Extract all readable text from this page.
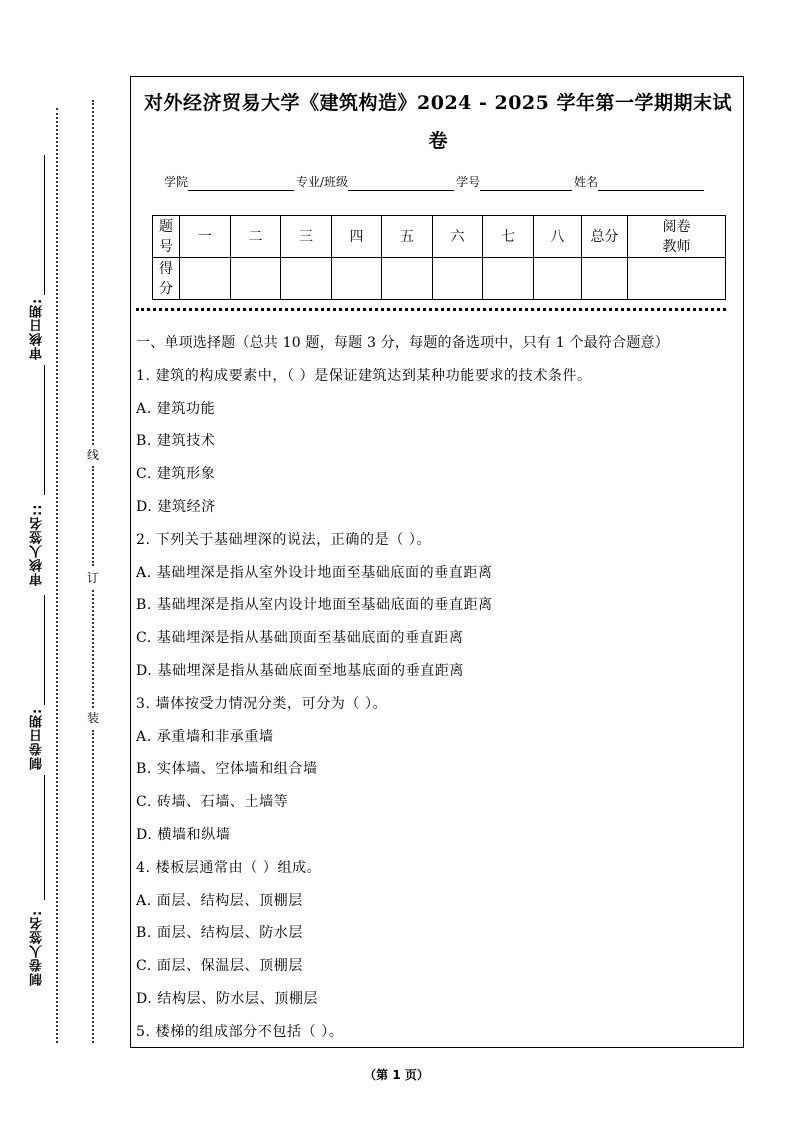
审核日期:
审核人签名::
制卷日期:
制卷人签名:
线
订
装
对外经济贸易大学《建筑构造》2024 - 2025 学年第一学期期末试
卷
学院	专业/班级	学号	姓名
题号	一	二	三	四	五	六	七	八	总分	阅卷教师
得分										
一、单项选择题（总共 10 题，每题 3 分，每题的备选项中，只有 1 个最符合题意）
1. 建筑的构成要素中，（ ）是保证建筑达到某种功能要求的技术条件。
A. 建筑功能
B. 建筑技术
C. 建筑形象
D. 建筑经济
2. 下列关于基础埋深的说法，正确的是（ ）。
A. 基础埋深是指从室外设计地面至基础底面的垂直距离
B. 基础埋深是指从室内设计地面至基础底面的垂直距离
C. 基础埋深是指从基础顶面至基础底面的垂直距离
D. 基础埋深是指从基础底面至地基底面的垂直距离
3. 墙体按受力情况分类，可分为（ ）。
A. 承重墙和非承重墙
B. 实体墙、空体墙和组合墙
C. 砖墙、石墙、土墙等
D. 横墙和纵墙
4. 楼板层通常由（ ）组成。
A. 面层、结构层、顶棚层
B. 面层、结构层、防水层
C. 面层、保温层、顶棚层
D. 结构层、防水层、顶棚层
5. 楼梯的组成部分不包括（ ）。
（第 1 页）
